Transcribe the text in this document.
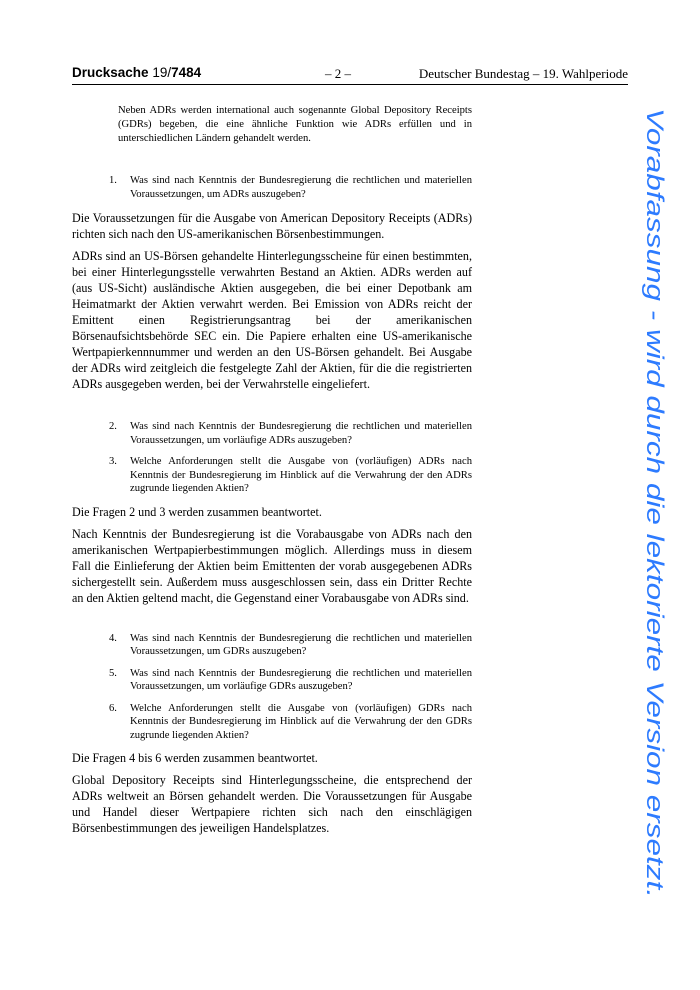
Drucksache 19/7484	– 2 –	Deutscher Bundestag – 19. Wahlperiode

Neben ADRs werden international auch sogenannte Global Depository Receipts (GDRs) begeben, die eine ähnliche Funktion wie ADRs erfüllen und in unterschiedlichen Ländern gehandelt werden.

1.	Was sind nach Kenntnis der Bundesregierung die rechtlichen und materiellen Voraussetzungen, um ADRs auszugeben?

Die Voraussetzungen für die Ausgabe von American Depository Receipts (ADRs) richten sich nach den US-amerikanischen Börsenbestimmungen.

ADRs sind an US-Börsen gehandelte Hinterlegungsscheine für einen bestimmten, bei einer Hinterlegungsstelle verwahrten Bestand an Aktien. ADRs werden auf (aus US-Sicht) ausländische Aktien ausgegeben, die bei einer Depotbank am Heimatmarkt der Aktien verwahrt werden. Bei Emission von ADRs reicht der Emittent einen Registrierungsantrag bei der amerikanischen Börsenaufsichtsbehörde SEC ein. Die Papiere erhalten eine US-amerikanische Wertpapierkennnummer und werden an den US-Börsen gehandelt. Bei Ausgabe der ADRs wird zeitgleich die festgelegte Zahl der Aktien, für die die registrierten ADRs ausgegeben werden, bei der Verwahrstelle eingeliefert.

2.	Was sind nach Kenntnis der Bundesregierung die rechtlichen und materiellen Voraussetzungen, um vorläufige ADRs auszugeben?
3.	Welche Anforderungen stellt die Ausgabe von (vorläufigen) ADRs nach Kenntnis der Bundesregierung im Hinblick auf die Verwahrung der den ADRs zugrunde liegenden Aktien?

Die Fragen 2 und 3 werden zusammen beantwortet.

Nach Kenntnis der Bundesregierung ist die Vorabausgabe von ADRs nach den amerikanischen Wertpapierbestimmungen möglich. Allerdings muss in diesem Fall die Einlieferung der Aktien beim Emittenten der vorab ausgegebenen ADRs sichergestellt sein. Außerdem muss ausgeschlossen sein, dass ein Dritter Rechte an den Aktien geltend macht, die Gegenstand einer Vorabausgabe von ADRs sind.

4.	Was sind nach Kenntnis der Bundesregierung die rechtlichen und materiellen Voraussetzungen, um GDRs auszugeben?
5.	Was sind nach Kenntnis der Bundesregierung die rechtlichen und materiellen Voraussetzungen, um vorläufige GDRs auszugeben?
6.	Welche Anforderungen stellt die Ausgabe von (vorläufigen) GDRs nach Kenntnis der Bundesregierung im Hinblick auf die Verwahrung der den GDRs zugrunde liegenden Aktien?

Die Fragen 4 bis 6 werden zusammen beantwortet.

Global Depository Receipts sind Hinterlegungsscheine, die entsprechend der ADRs weltweit an Börsen gehandelt werden. Die Voraussetzungen für Ausgabe und Handel dieser Wertpapiere richten sich nach den einschlägigen Börsenbestimmungen des jeweiligen Handelsplatzes.

Vorabfassung - wird durch die lektorierte Version ersetzt.
